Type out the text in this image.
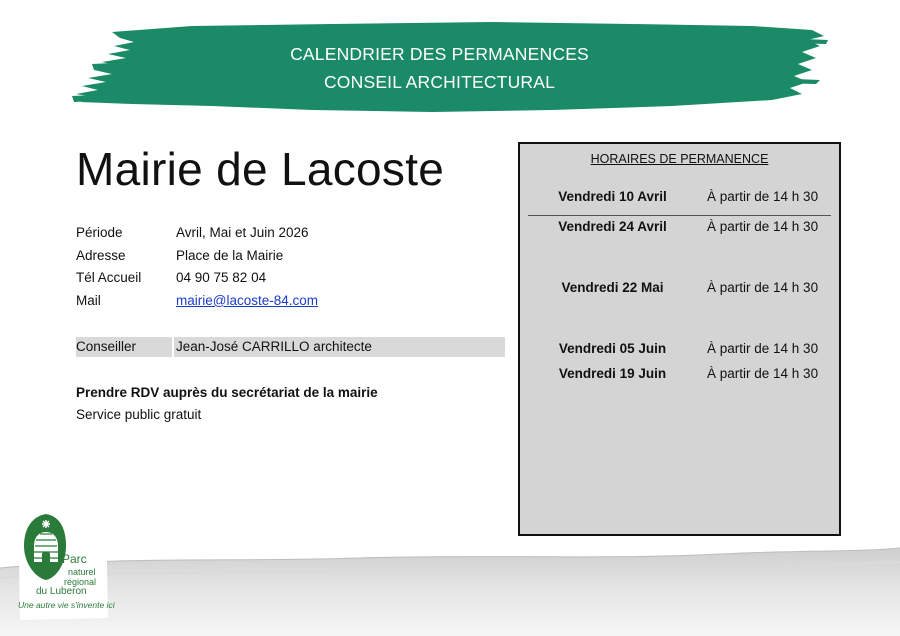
CALENDRIER DES PERMANENCES
CONSEIL ARCHITECTURAL
Mairie de Lacoste
Période	Avril, Mai et Juin 2026
Adresse	Place de la Mairie
Tél Accueil	04 90 75 82 04
Mail	mairie@lacoste-84.com
Conseiller	Jean-José CARRILLO architecte
Prendre RDV auprès du secrétariat de la mairie
Service public gratuit
HORAIRES DE PERMANENCE
Vendredi 10 Avril	À partir de 14 h 30
Vendredi 24 Avril	À partir de 14 h 30
Vendredi 22 Mai	À partir de 14 h 30
Vendredi 05 Juin	À partir de 14 h 30
Vendredi 19 Juin	À partir de 14 h 30
Parc
naturel
régional
du Luberon
Une autre vie s'invente ici
